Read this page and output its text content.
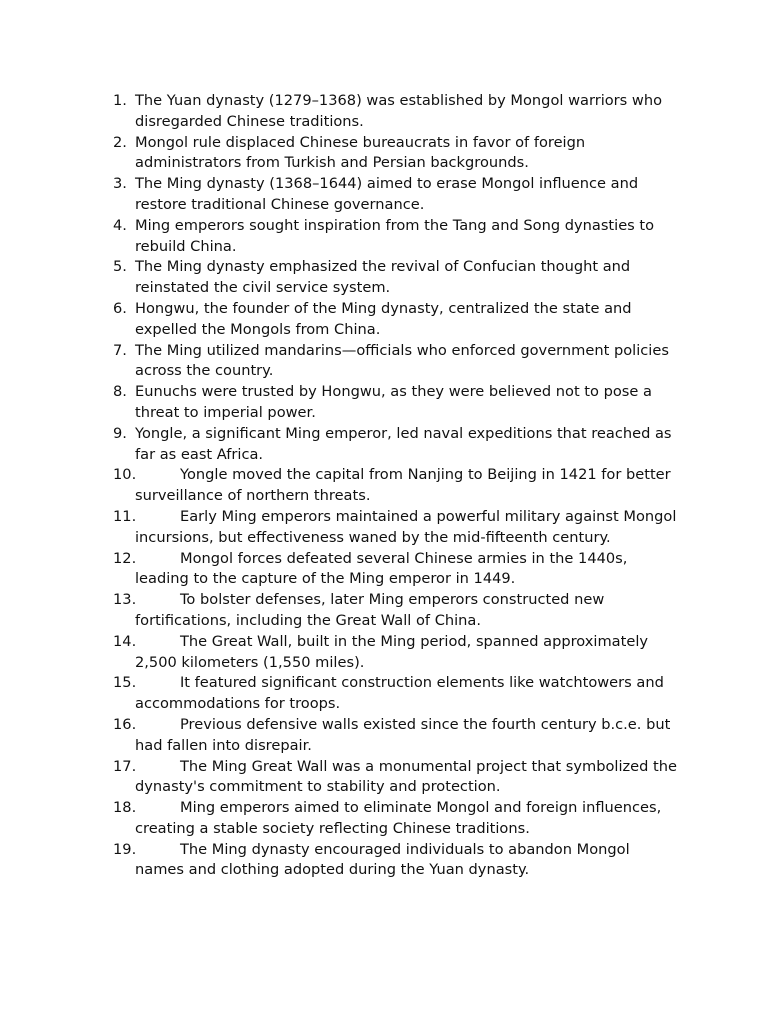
1. The Yuan dynasty (1279–1368) was established by Mongol warriors who disregarded Chinese traditions.
2. Mongol rule displaced Chinese bureaucrats in favor of foreign administrators from Turkish and Persian backgrounds.
3. The Ming dynasty (1368–1644) aimed to erase Mongol influence and restore traditional Chinese governance.
4. Ming emperors sought inspiration from the Tang and Song dynasties to rebuild China.
5. The Ming dynasty emphasized the revival of Confucian thought and reinstated the civil service system.
6. Hongwu, the founder of the Ming dynasty, centralized the state and expelled the Mongols from China.
7. The Ming utilized mandarins—officials who enforced government policies across the country.
8. Eunuchs were trusted by Hongwu, as they were believed not to pose a threat to imperial power.
9. Yongle, a significant Ming emperor, led naval expeditions that reached as far as east Africa.
10.	Yongle moved the capital from Nanjing to Beijing in 1421 for better surveillance of northern threats.
11.	Early Ming emperors maintained a powerful military against Mongol incursions, but effectiveness waned by the mid-fifteenth century.
12.	Mongol forces defeated several Chinese armies in the 1440s, leading to the capture of the Ming emperor in 1449.
13.	To bolster defenses, later Ming emperors constructed new fortifications, including the Great Wall of China.
14.	The Great Wall, built in the Ming period, spanned approximately 2,500 kilometers (1,550 miles).
15.	It featured significant construction elements like watchtowers and accommodations for troops.
16.	Previous defensive walls existed since the fourth century b.c.e. but had fallen into disrepair.
17.	The Ming Great Wall was a monumental project that symbolized the dynasty's commitment to stability and protection.
18.	Ming emperors aimed to eliminate Mongol and foreign influences, creating a stable society reflecting Chinese traditions.
19.	The Ming dynasty encouraged individuals to abandon Mongol names and clothing adopted during the Yuan dynasty.
